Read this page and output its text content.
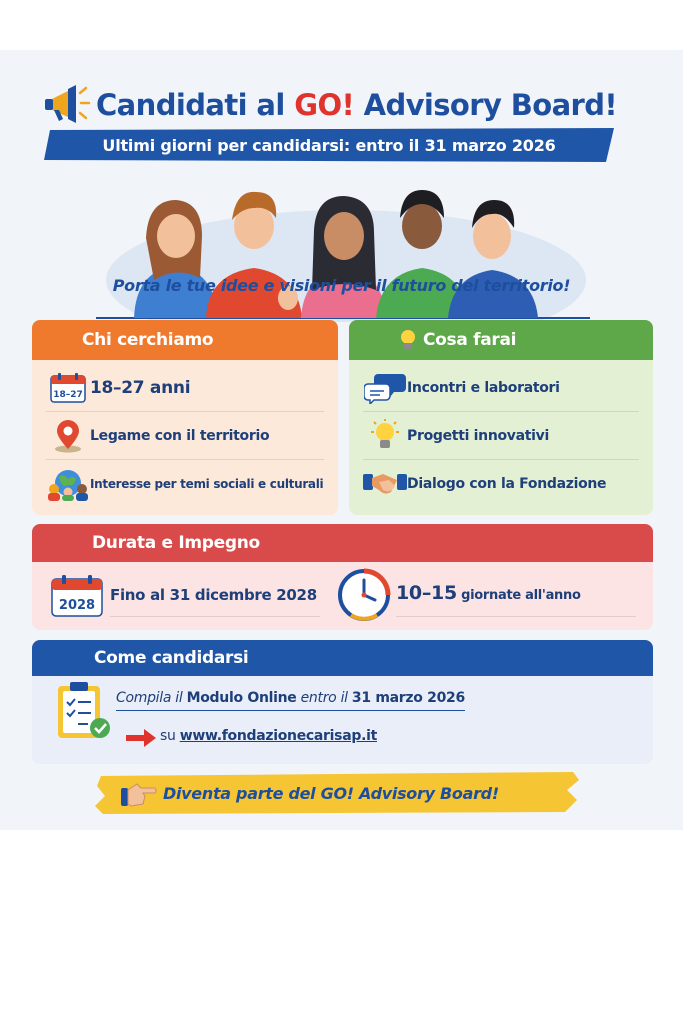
Candidati al GO! Advisory Board!
Ultimi giorni per candidarsi: entro il 31 marzo 2026
Porta le tue idee e visioni per il futuro del territorio!
Chi cerchiamo
18–27 18–27 anni
Legame con il territorio
Interesse per temi sociali e culturali
Cosa farai
Incontri e laboratori
Progetti innovativi
Dialogo con la Fondazione
Durata e Impegno
2028
Fino al 31 dicembre 2028	10–15 giornate all'anno
Come candidarsi
Compila il Modulo Online entro il 31 marzo 2026
su www.fondazionecarisap.it
Diventa parte del GO! Advisory Board!
